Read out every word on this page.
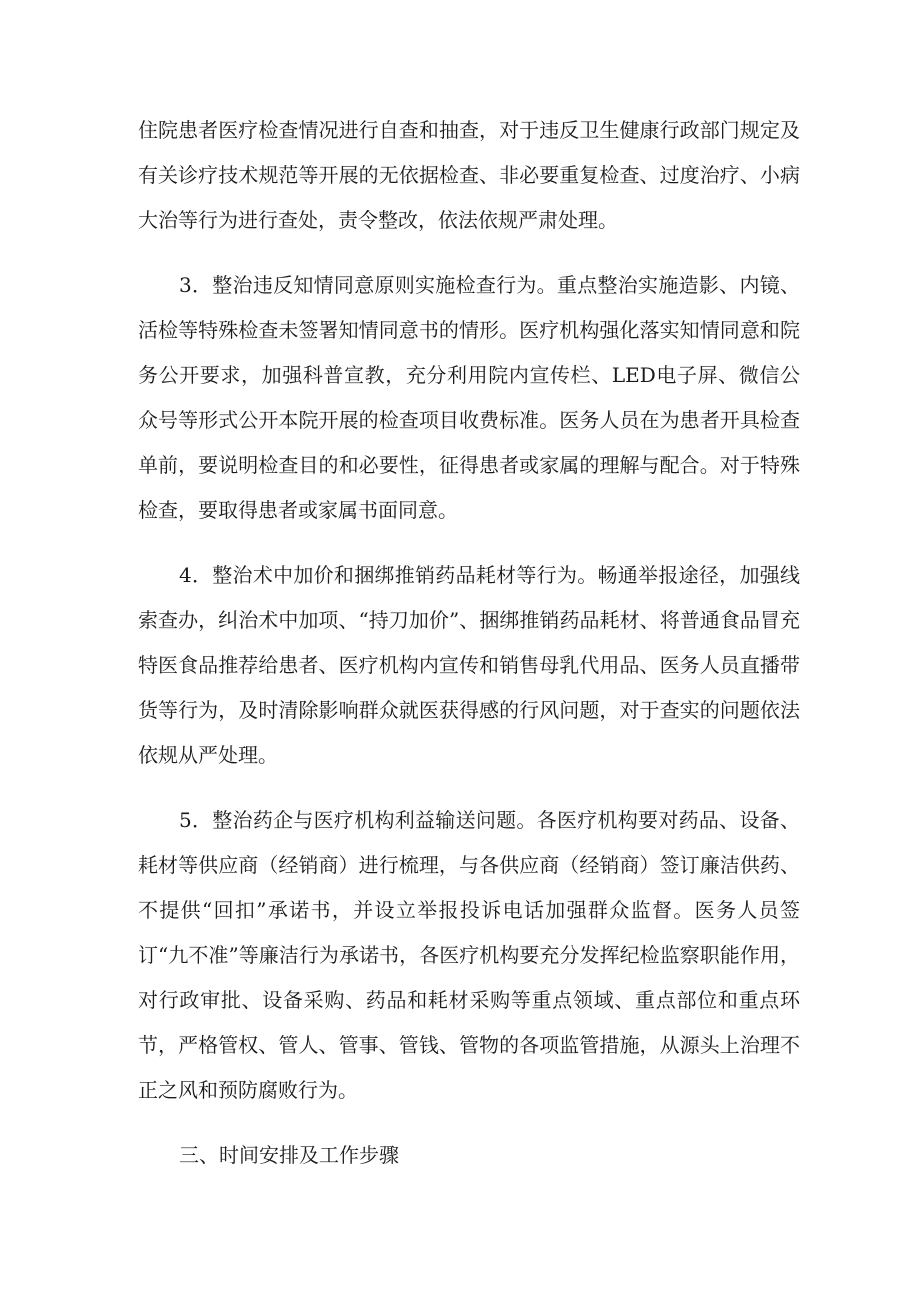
住院患者医疗检查情况进行自查和抽查，对于违反卫生健康行政部门规定及有关诊疗技术规范等开展的无依据检查、非必要重复检查、过度治疗、小病大治等行为进行查处，责令整改，依法依规严肃处理。

3．整治违反知情同意原则实施检查行为。重点整治实施造影、内镜、活检等特殊检查未签署知情同意书的情形。医疗机构强化落实知情同意和院务公开要求，加强科普宣教，充分利用院内宣传栏、LED电子屏、微信公众号等形式公开本院开展的检查项目收费标准。医务人员在为患者开具检查单前，要说明检查目的和必要性，征得患者或家属的理解与配合。对于特殊检查，要取得患者或家属书面同意。

4．整治术中加价和捆绑推销药品耗材等行为。畅通举报途径，加强线索查办，纠治术中加项、“持刀加价”、捆绑推销药品耗材、将普通食品冒充特医食品推荐给患者、医疗机构内宣传和销售母乳代用品、医务人员直播带货等行为，及时清除影响群众就医获得感的行风问题，对于查实的问题依法依规从严处理。

5．整治药企与医疗机构利益输送问题。各医疗机构要对药品、设备、耗材等供应商（经销商）进行梳理，与各供应商（经销商）签订廉洁供药、不提供“回扣”承诺书，并设立举报投诉电话加强群众监督。医务人员签订“九不准”等廉洁行为承诺书，各医疗机构要充分发挥纪检监察职能作用，对行政审批、设备采购、药品和耗材采购等重点领域、重点部位和重点环节，严格管权、管人、管事、管钱、管物的各项监管措施，从源头上治理不正之风和预防腐败行为。

三、时间安排及工作步骤
